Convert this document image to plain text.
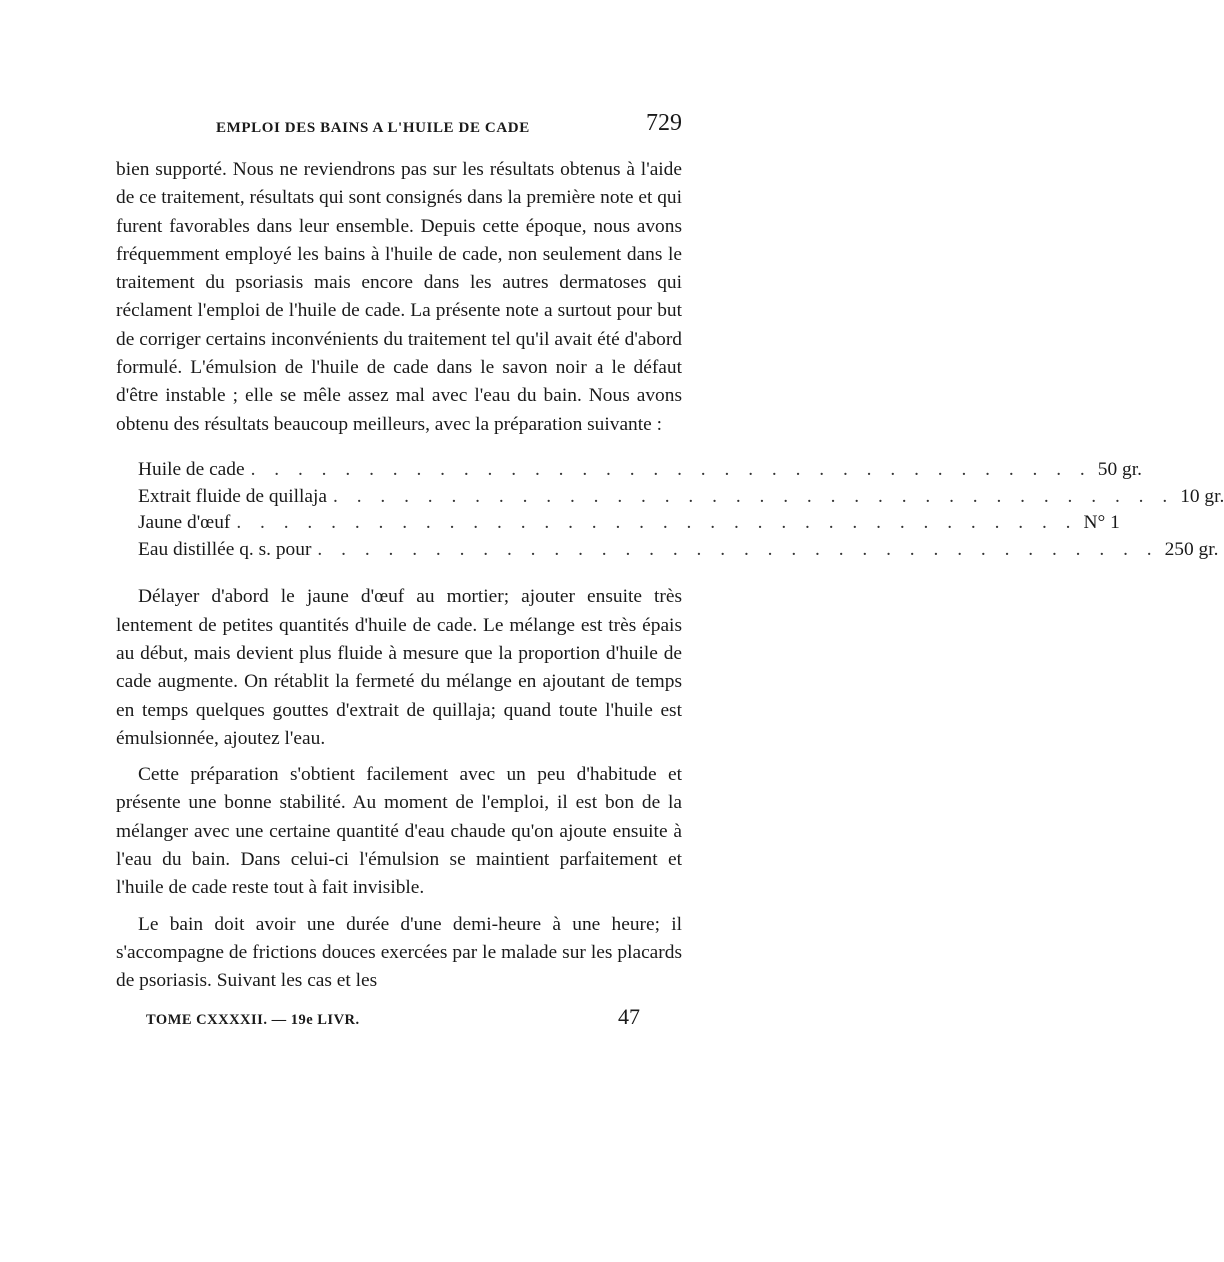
EMPLOI DES BAINS A L'HUILE DE CADE	729

bien supporté. Nous ne reviendrons pas sur les résultats obtenus à l'aide de ce traitement, résultats qui sont consignés dans la première note et qui furent favorables dans leur ensemble. Depuis cette époque, nous avons fréquemment employé les bains à l'huile de cade, non seulement dans le traitement du psoriasis mais encore dans les autres dermatoses qui réclament l'emploi de l'huile de cade. La présente note a surtout pour but de corriger certains inconvénients du traitement tel qu'il avait été d'abord formulé. L'émulsion de l'huile de cade dans le savon noir a le défaut d'être instable ; elle se mêle assez mal avec l'eau du bain. Nous avons obtenu des résultats beaucoup meilleurs, avec la préparation suivante :

Huile de cade . . . . . . . . . . . . . . . . . . . . . . . . . . . . . . . . . . . . 50 gr.
Extrait fluide de quillaja . . . . . . . . . . . . . . . . . . . . . . . . . . . . . . . . . . . . 10 gr.
Jaune d'œuf . . . . . . . . . . . . . . . . . . . . . . . . . . . . . . . . . . . . N° 1
Eau distillée q. s. pour . . . . . . . . . . . . . . . . . . . . . . . . . . . . . . . . . . . . 250 gr.

Délayer d'abord le jaune d'œuf au mortier; ajouter ensuite très lentement de petites quantités d'huile de cade. Le mélange est très épais au début, mais devient plus fluide à mesure que la proportion d'huile de cade augmente. On rétablit la fermeté du mélange en ajoutant de temps en temps quelques gouttes d'extrait de quillaja; quand toute l'huile est émulsionnée, ajoutez l'eau.

Cette préparation s'obtient facilement avec un peu d'habitude et présente une bonne stabilité. Au moment de l'emploi, il est bon de la mélanger avec une certaine quantité d'eau chaude qu'on ajoute ensuite à l'eau du bain. Dans celui-ci l'émulsion se maintient parfaitement et l'huile de cade reste tout à fait invisible.

Le bain doit avoir une durée d'une demi-heure à une heure; il s'accompagne de frictions douces exercées par le malade sur les placards de psoriasis. Suivant les cas et les

TOME CXXXXII. — 19e LIVR.	47
